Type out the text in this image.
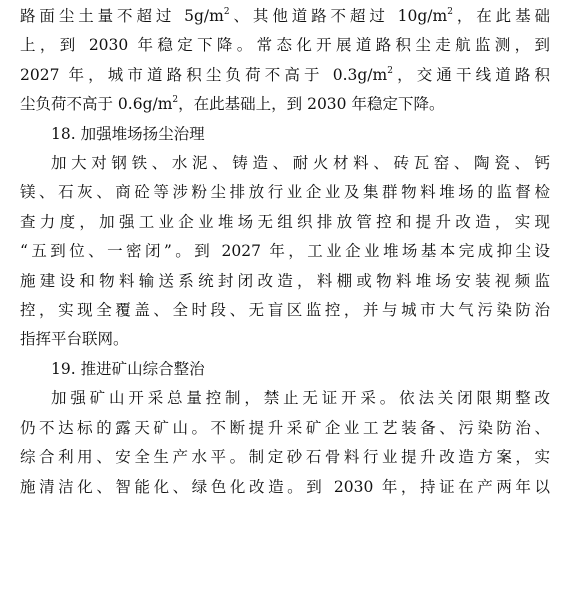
路面尘土量不超过 $5g/m^2$、其他道路不超过 $10g/m^2$，在此基础

上，到 2030 年稳定下降。常态化开展道路积尘走航监测，到

2027 年，城市道路积尘负荷不高于 $0.3g/m^2$，交通干线道路积

尘负荷不高于 $0.6g/m^2$，在此基础上，到 2030 年稳定下降。

18. 加强堆场扬尘治理

加大对钢铁、水泥、铸造、耐火材料、砖瓦窑、陶瓷、钙

镁、石灰、商砼等涉粉尘排放行业企业及集群物料堆场的监督检

查力度，加强工业企业堆场无组织排放管控和提升改造，实现

“五到位、一密闭”。到 2027 年，工业企业堆场基本完成抑尘设

施建设和物料输送系统封闭改造，料棚或物料堆场安装视频监

控，实现全覆盖、全时段、无盲区监控，并与城市大气污染防治

指挥平台联网。

19. 推进矿山综合整治

加强矿山开采总量控制，禁止无证开采。依法关闭限期整改

仍不达标的露天矿山。不断提升采矿企业工艺装备、污染防治、

综合利用、安全生产水平。制定砂石骨料行业提升改造方案，实

施清洁化、智能化、绿色化改造。到 2030 年，持证在产两年以
